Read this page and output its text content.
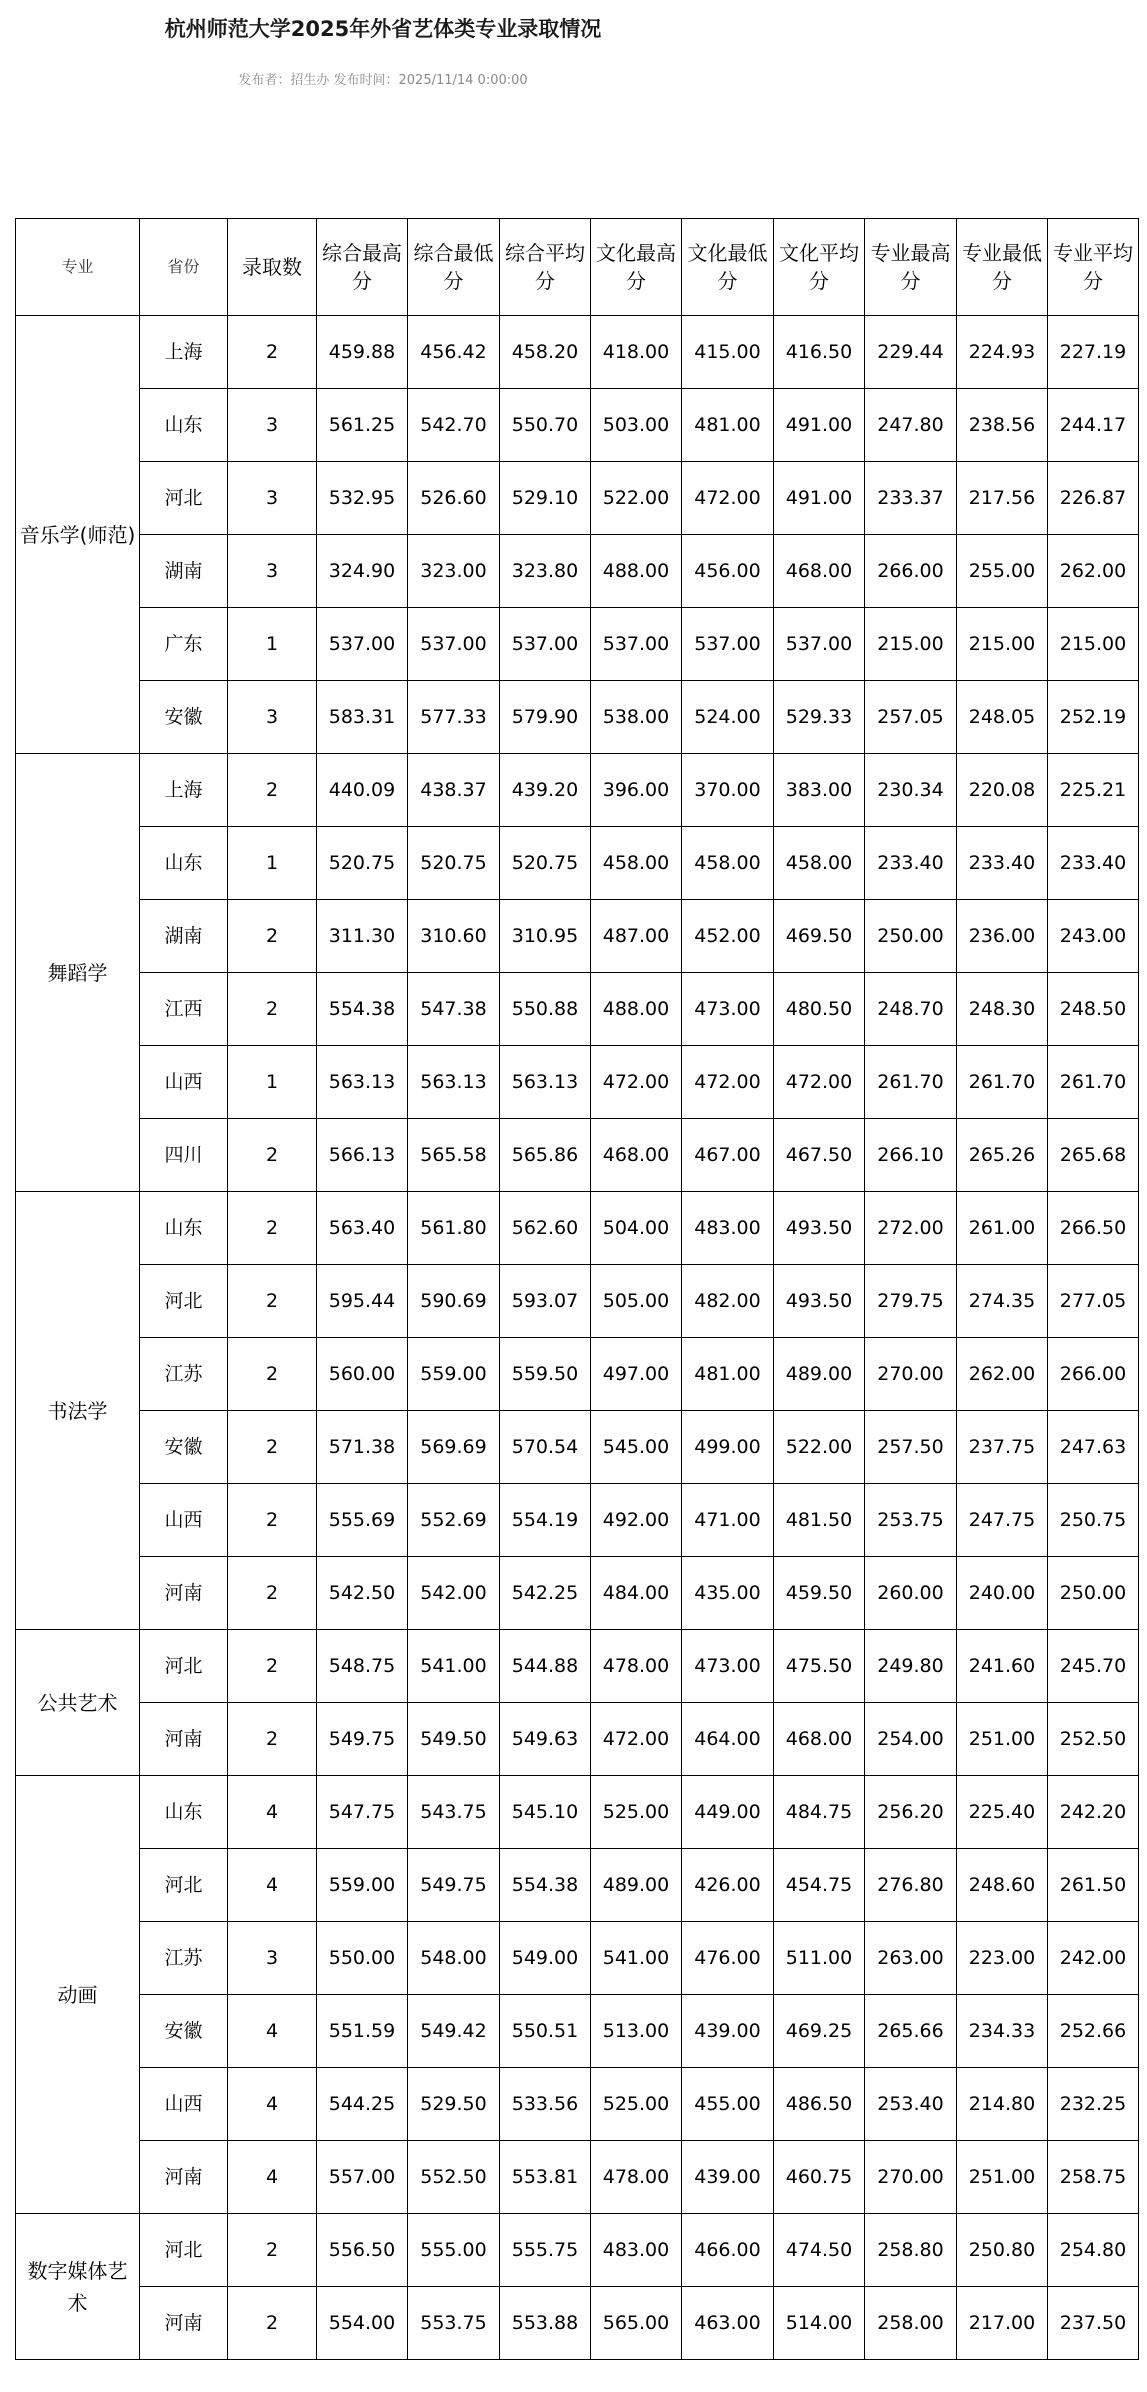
杭州师范大学2025年外省艺体类专业录取情况
发布者：招生办 发布时间：2025/11/14 0:00:00
专业	省份	录取数	综合最高分	综合最低分	综合平均分	文化最高分	文化最低分	文化平均分	专业最高分	专业最低分	专业平均分
音乐学(师范)	上海	2	459.88	456.42	458.20	418.00	415.00	416.50	229.44	224.93	227.19
	山东	3	561.25	542.70	550.70	503.00	481.00	491.00	247.80	238.56	244.17
	河北	3	532.95	526.60	529.10	522.00	472.00	491.00	233.37	217.56	226.87
	湖南	3	324.90	323.00	323.80	488.00	456.00	468.00	266.00	255.00	262.00
	广东	1	537.00	537.00	537.00	537.00	537.00	537.00	215.00	215.00	215.00
	安徽	3	583.31	577.33	579.90	538.00	524.00	529.33	257.05	248.05	252.19
舞蹈学	上海	2	440.09	438.37	439.20	396.00	370.00	383.00	230.34	220.08	225.21
	山东	1	520.75	520.75	520.75	458.00	458.00	458.00	233.40	233.40	233.40
	湖南	2	311.30	310.60	310.95	487.00	452.00	469.50	250.00	236.00	243.00
	江西	2	554.38	547.38	550.88	488.00	473.00	480.50	248.70	248.30	248.50
	山西	1	563.13	563.13	563.13	472.00	472.00	472.00	261.70	261.70	261.70
	四川	2	566.13	565.58	565.86	468.00	467.00	467.50	266.10	265.26	265.68
书法学	山东	2	563.40	561.80	562.60	504.00	483.00	493.50	272.00	261.00	266.50
	河北	2	595.44	590.69	593.07	505.00	482.00	493.50	279.75	274.35	277.05
	江苏	2	560.00	559.00	559.50	497.00	481.00	489.00	270.00	262.00	266.00
	安徽	2	571.38	569.69	570.54	545.00	499.00	522.00	257.50	237.75	247.63
	山西	2	555.69	552.69	554.19	492.00	471.00	481.50	253.75	247.75	250.75
	河南	2	542.50	542.00	542.25	484.00	435.00	459.50	260.00	240.00	250.00
公共艺术	河北	2	548.75	541.00	544.88	478.00	473.00	475.50	249.80	241.60	245.70
	河南	2	549.75	549.50	549.63	472.00	464.00	468.00	254.00	251.00	252.50
动画	山东	4	547.75	543.75	545.10	525.00	449.00	484.75	256.20	225.40	242.20
	河北	4	559.00	549.75	554.38	489.00	426.00	454.75	276.80	248.60	261.50
	江苏	3	550.00	548.00	549.00	541.00	476.00	511.00	263.00	223.00	242.00
	安徽	4	551.59	549.42	550.51	513.00	439.00	469.25	265.66	234.33	252.66
	山西	4	544.25	529.50	533.56	525.00	455.00	486.50	253.40	214.80	232.25
	河南	4	557.00	552.50	553.81	478.00	439.00	460.75	270.00	251.00	258.75
数字媒体艺术	河北	2	556.50	555.00	555.75	483.00	466.00	474.50	258.80	250.80	254.80
	河南	2	554.00	553.75	553.88	565.00	463.00	514.00	258.00	217.00	237.50
